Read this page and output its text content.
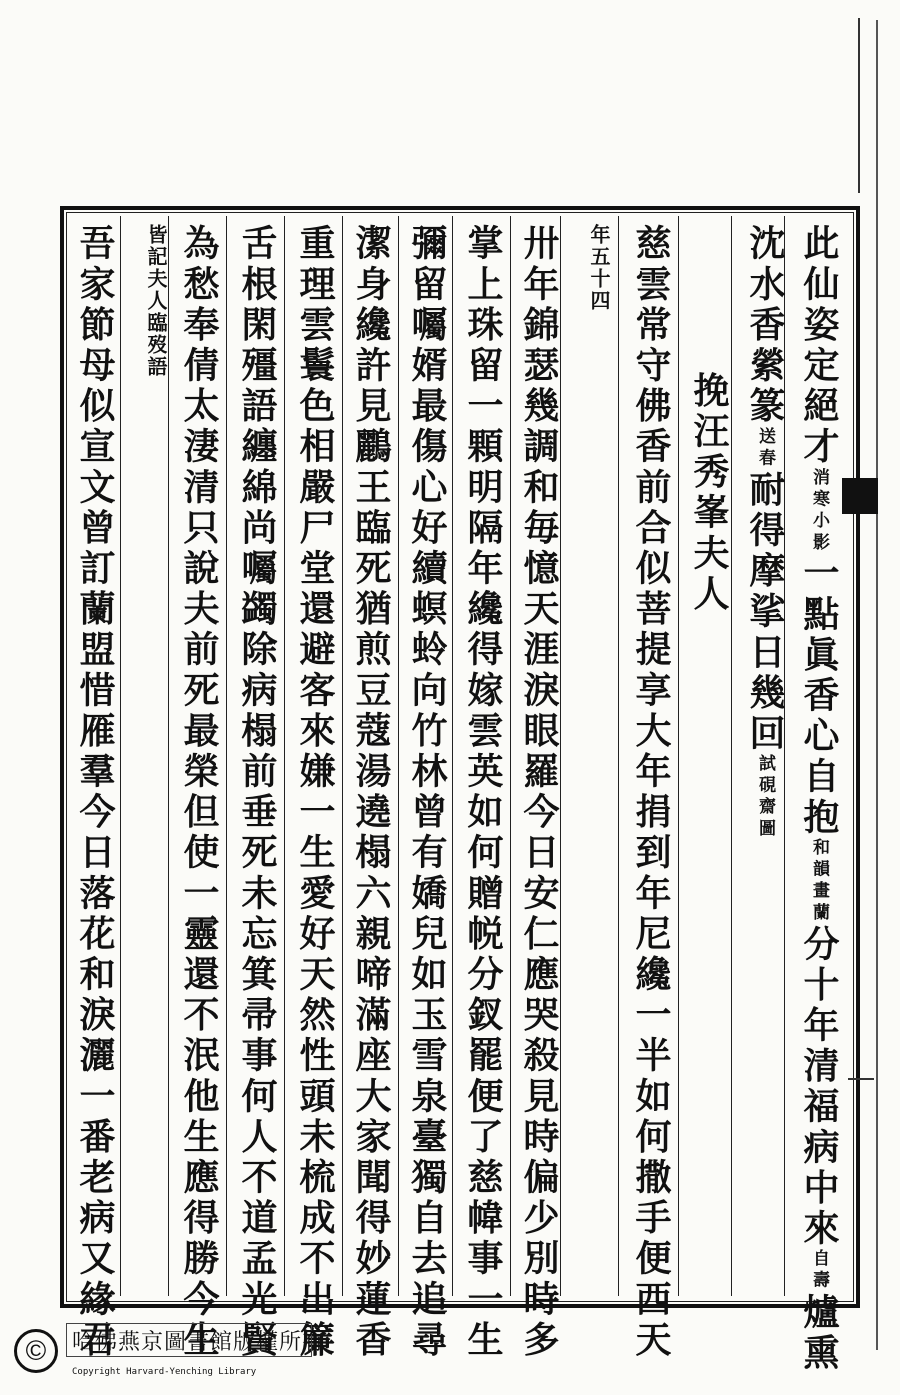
此仙姿定絕才消寒小影一點眞香心自抱和韻畫蘭分十年清福病中來自壽爐熏
沈水香縈篆送春耐得摩挲日幾回試硯齋圖
　　挽汪秀峯夫人
慈雲常守佛香前合似菩提享大年捐到年尼纔一半如何撒手便西天
年五十四
卅年錦瑟幾調和毎憶天涯淚眼羅今日安仁應哭殺見時偏少別時多
掌上珠留一顆明隔年纔得嫁雲英如何贈帨分釵罷便了慈幃事一生
彌留囑婿最傷心好續螟蛉向竹林曾有嬌兒如玉雪泉臺獨自去追尋
潔身纔許見鸝王臨死猶煎豆蔻湯遶榻六親啼滿座大家聞得妙蓮香
重理雲鬟色相嚴尸堂還避客來嫌一生愛好天然性頭未梳成不出簾
舌根閑殭語纏綿尚囑蠲除病榻前垂死未忘箕帚事何人不道孟光賢
為愁奉倩太淒清只說夫前死最榮但使一靈還不泯他生應得勝今生
皆記夫人臨歿語
吾家節母似宣文曾訂蘭盟惜雁羣今日落花和淚灑一番老病又緣君
©	哈佛燕京圖書館版權所有
Copyright Harvard-Yenching Library
